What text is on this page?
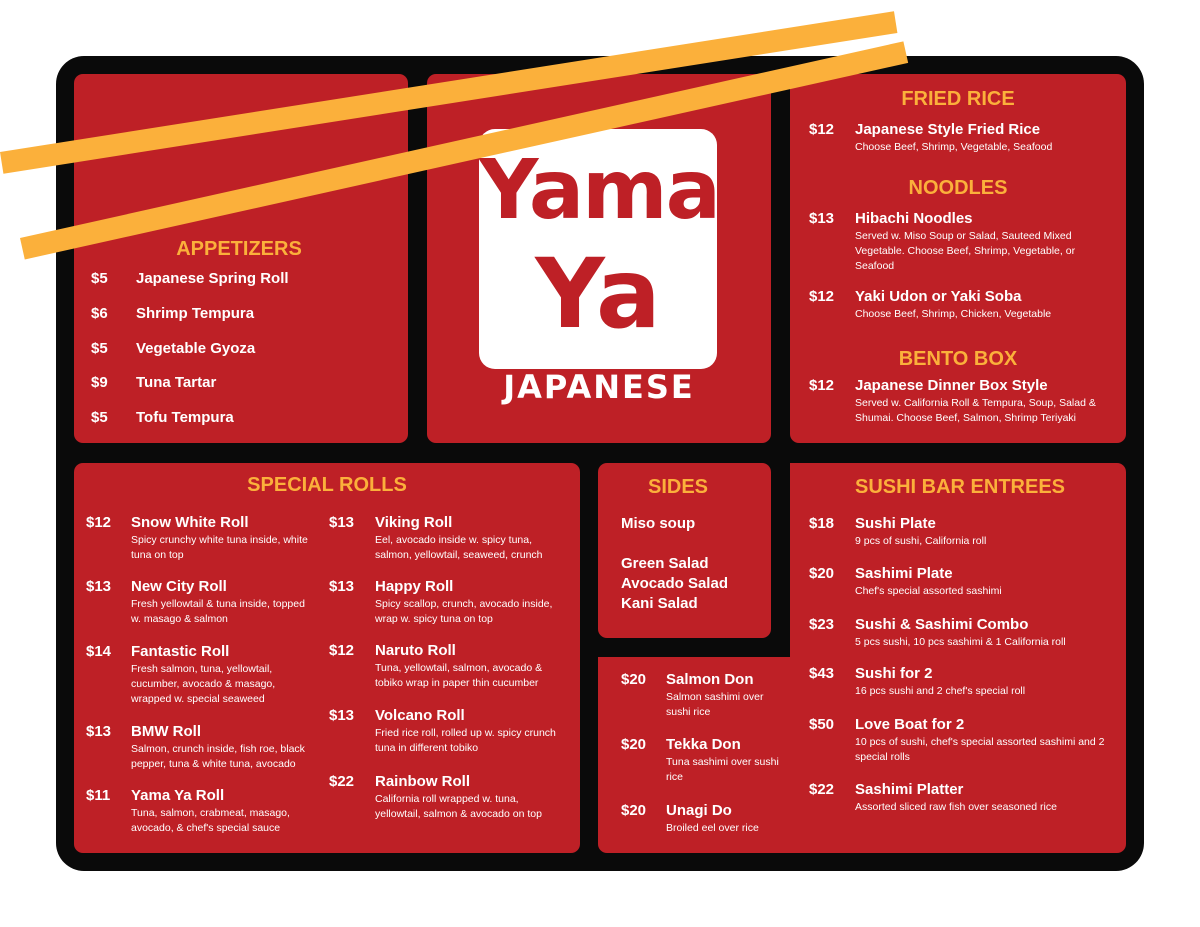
APPETIZERS
Yama
Ya
JAPANESE
FRIED RICE
NOODLES
BENTO BOX
SPECIAL ROLLS	SIDES	SUSHI BAR ENTREES
$5 Japanese Spring Roll
$6 Shrimp Tempura
$5 Vegetable Gyoza
$9 Tuna Tartar
$5 Tofu Tempura
$12 Japanese Style Fried Rice
Choose Beef, Shrimp, Vegetable, Seafood
$13 Hibachi Noodles
Served w. Miso Soup or Salad, Sauteed Mixed Vegetable. Choose Beef, Shrimp, Vegetable, or Seafood
$12 Yaki Udon or Yaki Soba
Choose Beef, Shrimp, Chicken, Vegetable
$12 Japanese Dinner Box Style
Served w. California Roll & Tempura, Soup, Salad & Shumai. Choose Beef, Salmon, Shrimp Teriyaki
$12 Snow White Roll
Spicy crunchy white tuna inside, white tuna on top
$13 New City Roll
Fresh yellowtail & tuna inside, topped w. masago & salmon
$14 Fantastic Roll
Fresh salmon, tuna, yellowtail, cucumber, avocado & masago, wrapped w. special seaweed
$13 BMW Roll
Salmon, crunch inside, fish roe, black pepper, tuna & white tuna, avocado
$11 Yama Ya Roll
Tuna, salmon, crabmeat, masago, avocado, & chef's special sauce
$13 Viking Roll
Eel, avocado inside w. spicy tuna, salmon, yellowtail, seaweed, crunch
$13 Happy Roll
Spicy scallop, crunch, avocado inside, wrap w. spicy tuna on top
$12 Naruto Roll
Tuna, yellowtail, salmon, avocado & tobiko wrap in paper thin cucumber
$13 Volcano Roll
Fried rice roll, rolled up w. spicy crunch tuna in different tobiko
$22 Rainbow Roll
California roll wrapped w. tuna, yellowtail, salmon & avocado on top
Miso soup
Green Salad
Avocado Salad
Kani Salad
$20 Salmon Don
Salmon sashimi over sushi rice
$20 Tekka Don
Tuna sashimi over sushi rice
$20 Unagi Do
Broiled eel over rice
$18 Sushi Plate
9 pcs of sushi, California roll
$20 Sashimi Plate
Chef's special assorted sashimi
$23 Sushi & Sashimi Combo
5 pcs sushi, 10 pcs sashimi & 1 California roll
$43 Sushi for 2
16 pcs sushi and 2 chef's special roll
$50 Love Boat for 2
10 pcs of sushi, chef's special assorted sashimi and 2 special rolls
$22 Sashimi Platter
Assorted sliced raw fish over seasoned rice
